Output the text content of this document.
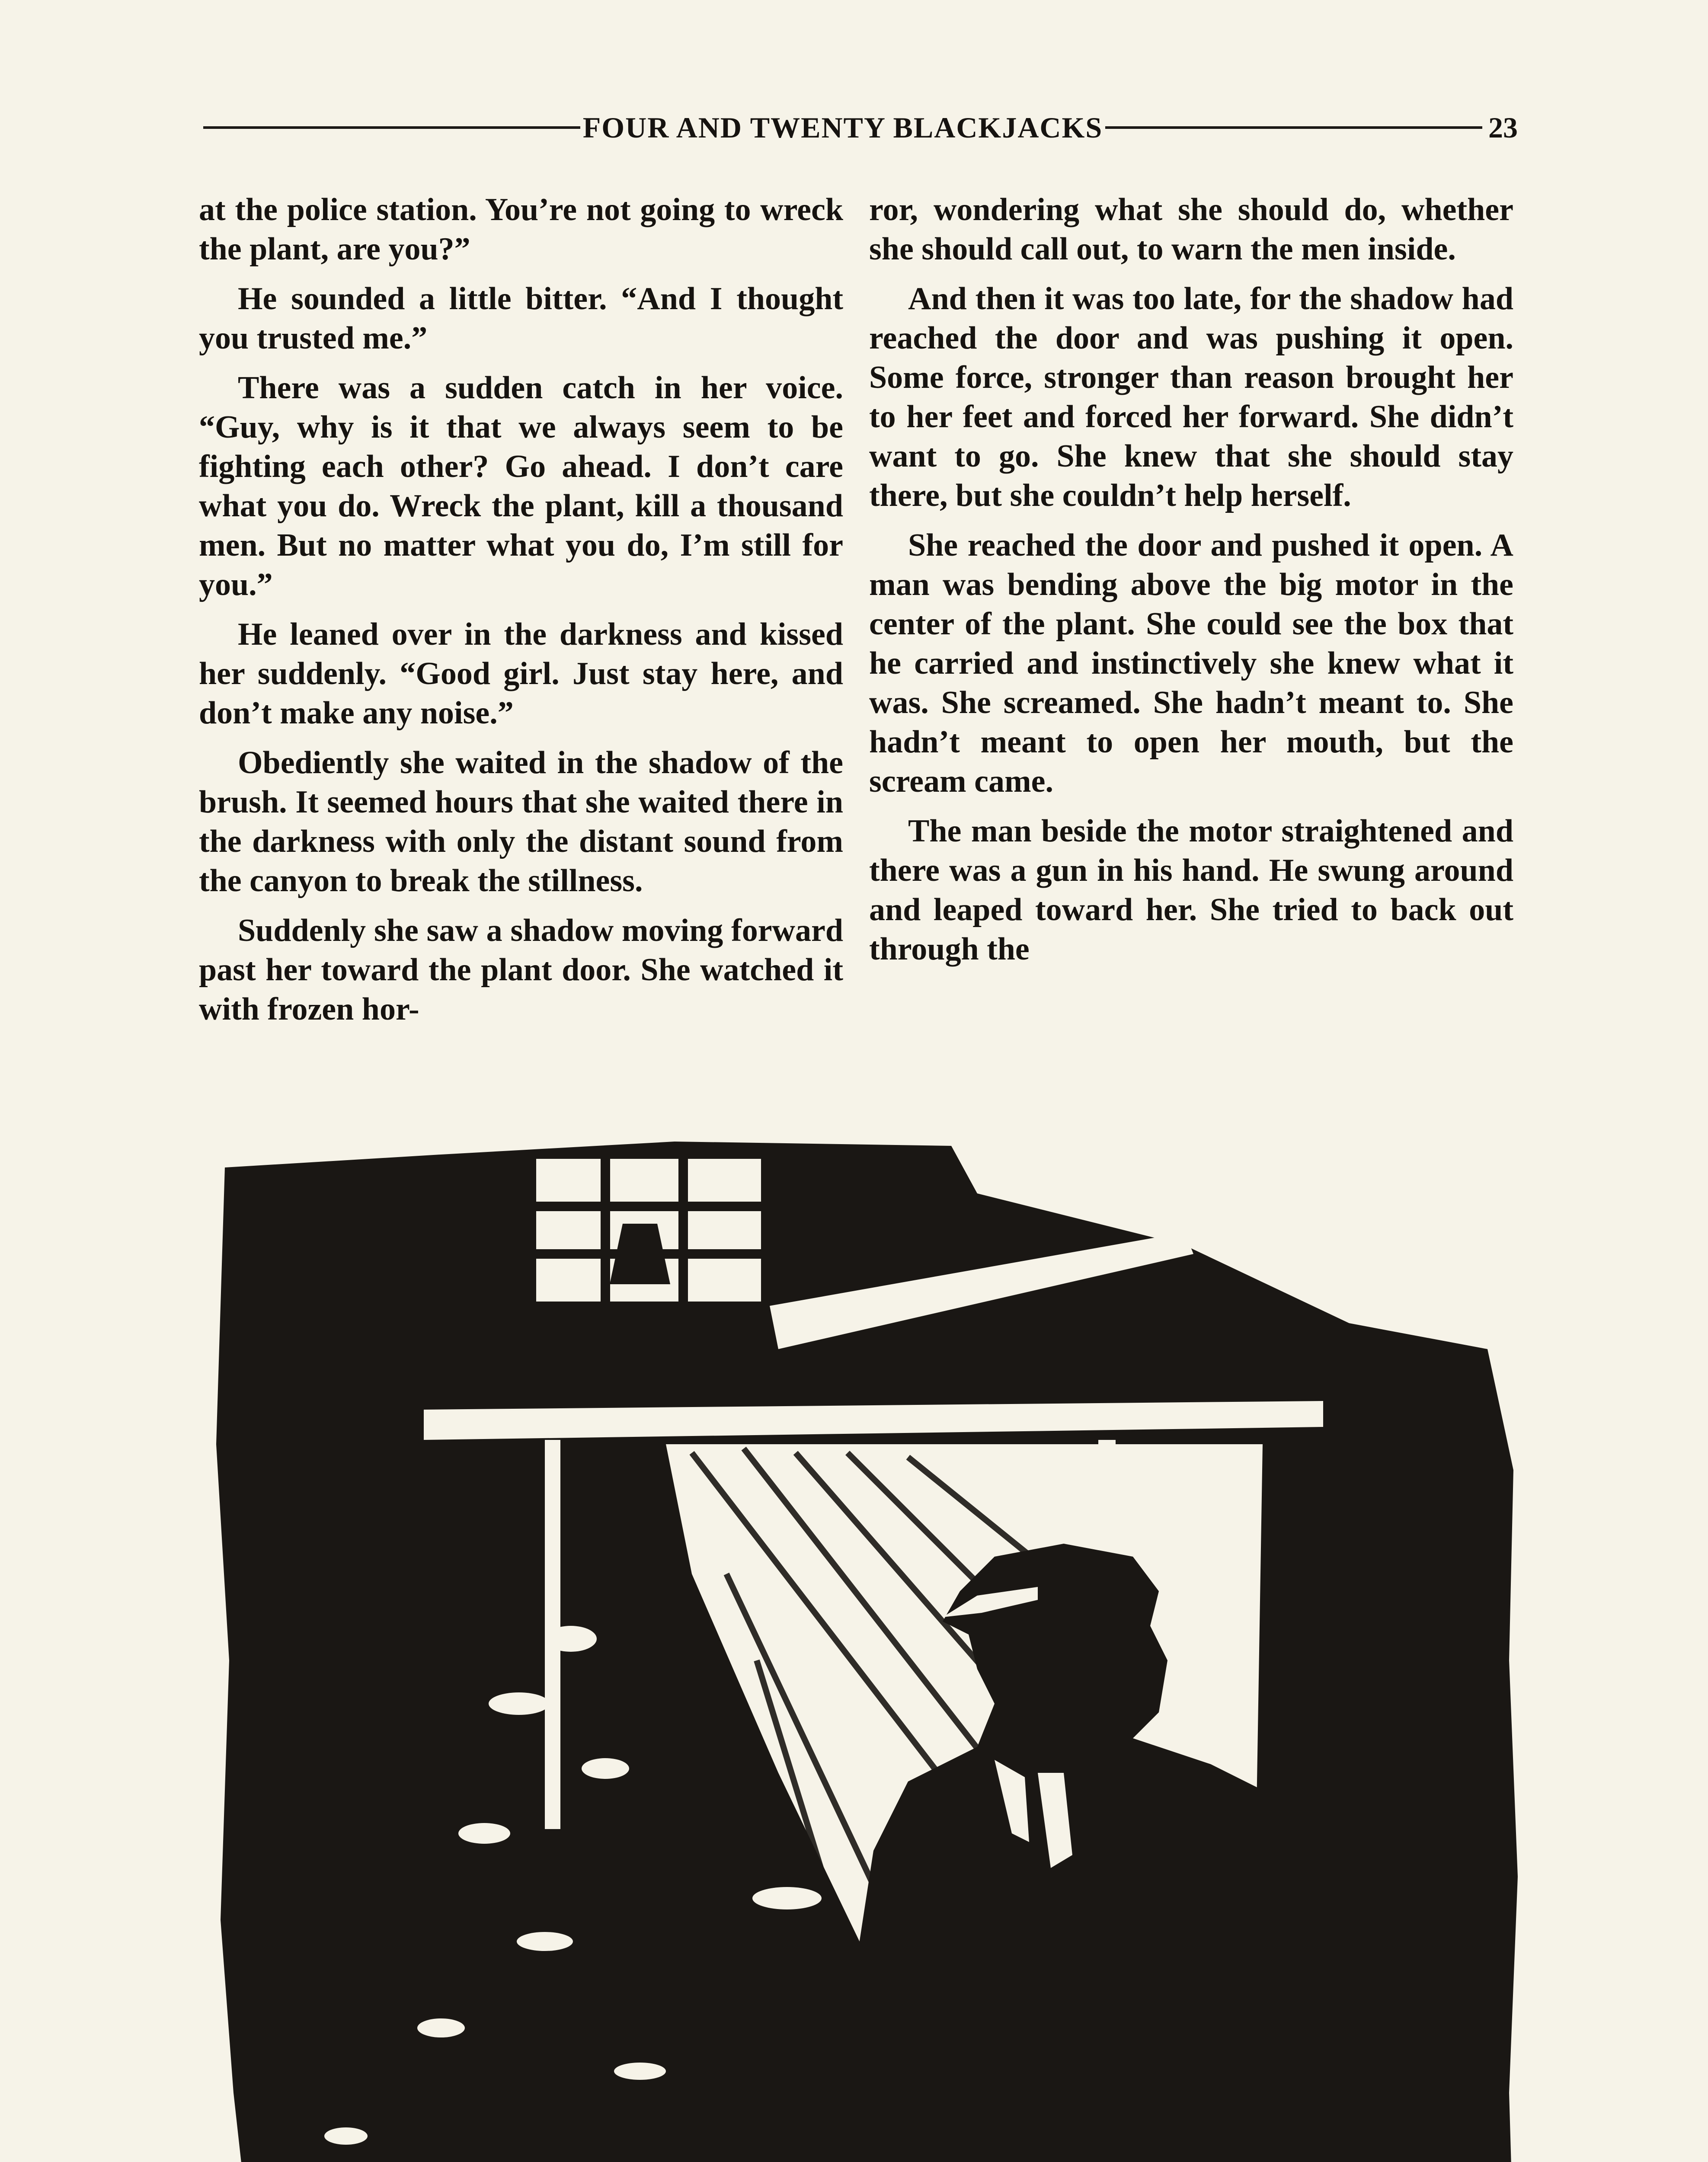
FOUR AND TWENTY BLACKJACKS	23

at the police station. You’re not going to wreck the plant, are you?”

He sounded a little bitter. “And I thought you trusted me.”

There was a sudden catch in her voice. “Guy, why is it that we always seem to be fighting each other? Go ahead. I don’t care what you do. Wreck the plant, kill a thousand men. But no matter what you do, I’m still for you.”

He leaned over in the darkness and kissed her suddenly. “Good girl. Just stay here, and don’t make any noise.”

Obediently she waited in the shadow of the brush. It seemed hours that she waited there in the darkness with only the distant sound from the canyon to break the stillness.

Suddenly she saw a shadow moving forward past her toward the plant door. She watched it with frozen hor-

ror, wondering what she should do, whether she should call out, to warn the men inside.

And then it was too late, for the shadow had reached the door and was pushing it open. Some force, stronger than reason brought her to her feet and forced her forward. She didn’t want to go. She knew that she should stay there, but she couldn’t help herself.

She reached the door and pushed it open. A man was bending above the big motor in the center of the plant. She could see the box that he carried and instinctively she knew what it was. She screamed. She hadn’t meant to. She hadn’t meant to open her mouth, but the scream came.

The man beside the motor straightened and there was a gun in his hand. He swung around and leaped toward her. She tried to back out through the
